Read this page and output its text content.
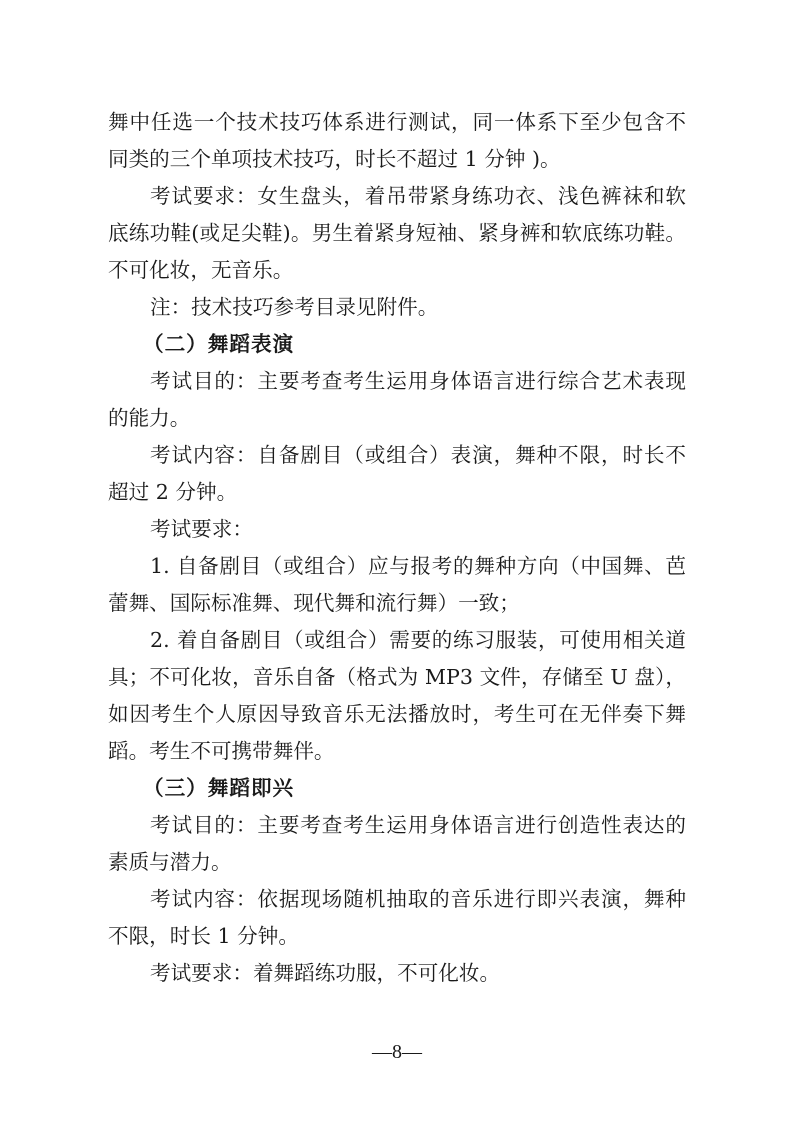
舞中任选一个技术技巧体系进行测试，同一体系下至少包含不
同类的三个单项技术技巧，时长不超过 1 分钟 )。
考试要求：女生盘头，着吊带紧身练功衣、浅色裤袜和软
底练功鞋(或足尖鞋)。男生着紧身短袖、紧身裤和软底练功鞋。
不可化妆，无音乐。
注：技术技巧参考目录见附件。
（二）舞蹈表演
考试目的：主要考查考生运用身体语言进行综合艺术表现
的能力。
考试内容：自备剧目（或组合）表演，舞种不限，时长不
超过 2 分钟。
考试要求：
1. 自备剧目（或组合）应与报考的舞种方向（中国舞、芭
蕾舞、国际标准舞、现代舞和流行舞）一致；
2. 着自备剧目（或组合）需要的练习服装，可使用相关道
具；不可化妆，音乐自备（格式为 MP3 文件，存储至 U 盘），
如因考生个人原因导致音乐无法播放时，考生可在无伴奏下舞
蹈。考生不可携带舞伴。
（三）舞蹈即兴
考试目的：主要考查考生运用身体语言进行创造性表达的
素质与潜力。
考试内容：依据现场随机抽取的音乐进行即兴表演，舞种
不限，时长 1 分钟。
考试要求：着舞蹈练功服，不可化妆。
—8—
